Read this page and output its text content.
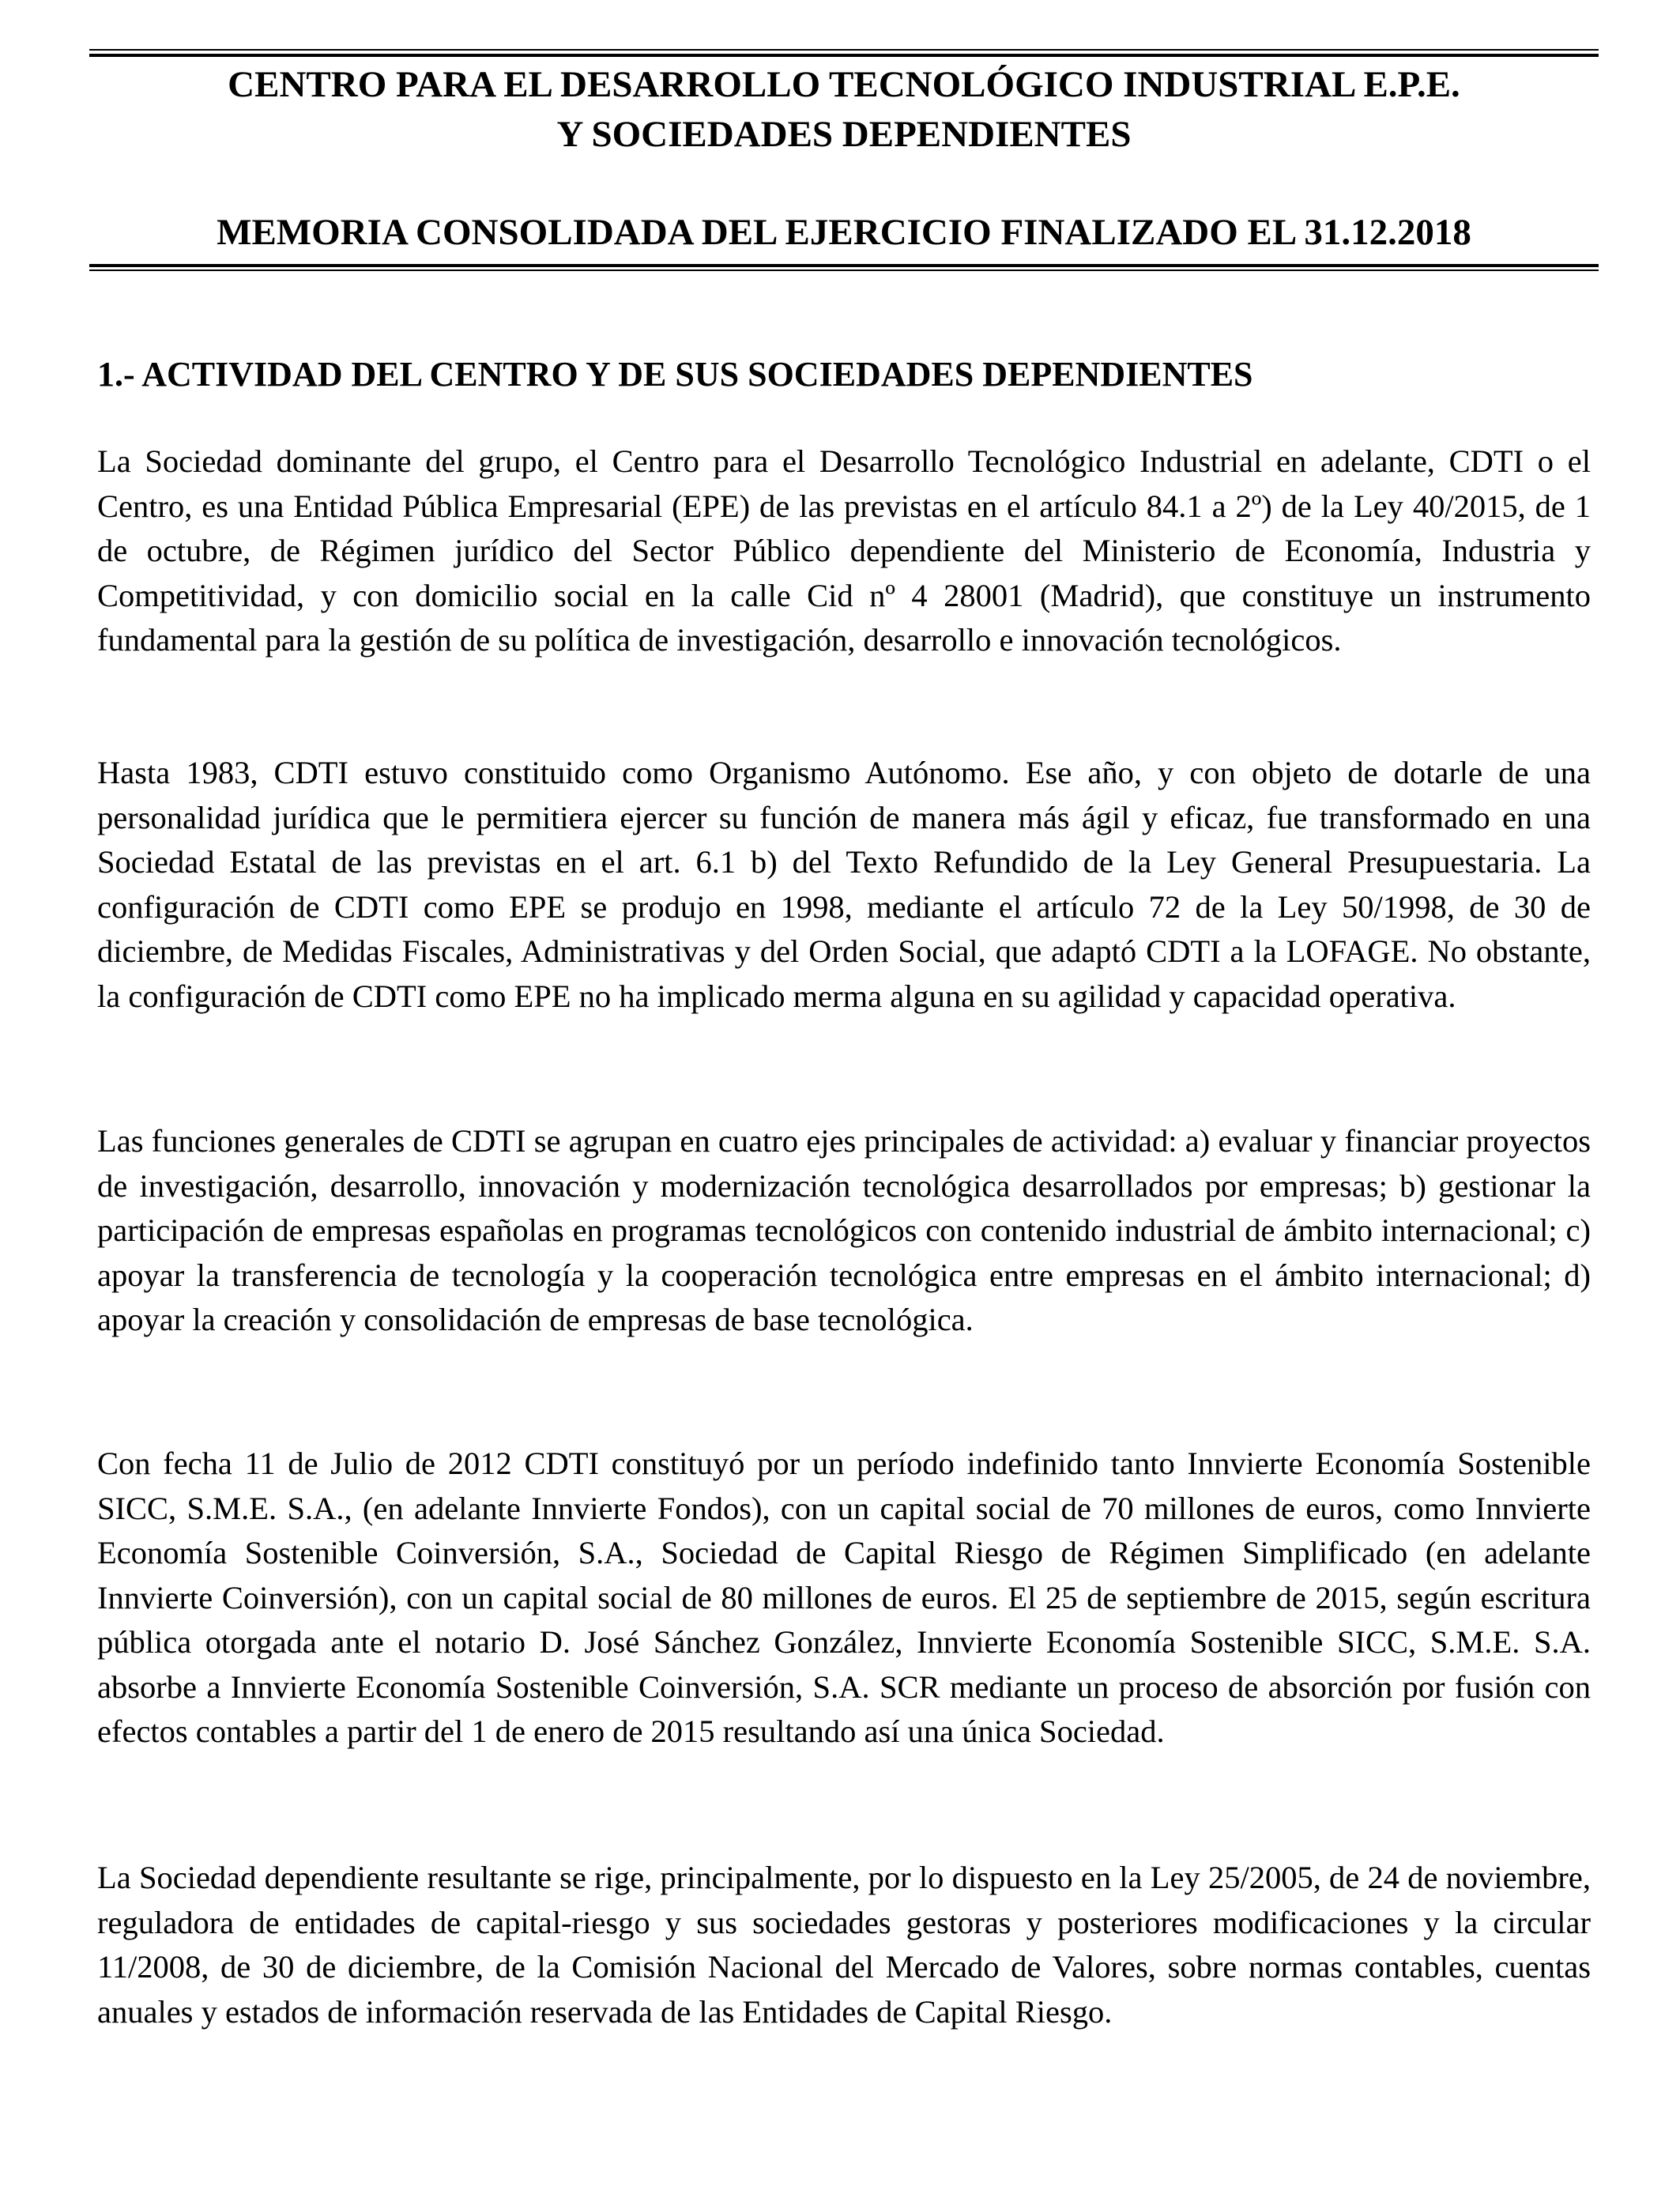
CENTRO PARA EL DESARROLLO TECNOLÓGICO INDUSTRIAL E.P.E.
Y SOCIEDADES DEPENDIENTES
MEMORIA CONSOLIDADA DEL EJERCICIO FINALIZADO EL 31.12.2018
1.- ACTIVIDAD DEL CENTRO Y DE SUS SOCIEDADES DEPENDIENTES

La Sociedad dominante del grupo, el Centro para el Desarrollo Tecnológico Industrial en adelante, CDTI o el Centro, es una Entidad Pública Empresarial (EPE) de las previstas en el artículo 84.1 a 2º) de la Ley 40/2015, de 1 de octubre, de Régimen jurídico del Sector Público dependiente del Ministerio de Economía, Industria y Competitividad, y con domicilio social en la calle Cid nº 4 28001 (Madrid), que constituye un instrumento fundamental para la gestión de su política de investigación, desarrollo e innovación tecnológicos.

Hasta 1983, CDTI estuvo constituido como Organismo Autónomo. Ese año, y con objeto de dotarle de una personalidad jurídica que le permitiera ejercer su función de manera más ágil y eficaz, fue transformado en una Sociedad Estatal de las previstas en el art. 6.1 b) del Texto Refundido de la Ley General Presupuestaria. La configuración de CDTI como EPE se produjo en 1998, mediante el artículo 72 de la Ley 50/1998, de 30 de diciembre, de Medidas Fiscales, Administrativas y del Orden Social, que adaptó CDTI a la LOFAGE. No obstante, la configuración de CDTI como EPE no ha implicado merma alguna en su agilidad y capacidad operativa.

Las funciones generales de CDTI se agrupan en cuatro ejes principales de actividad: a) evaluar y financiar proyectos de investigación, desarrollo, innovación y modernización tecnológica desarrollados por empresas; b) gestionar la participación de empresas españolas en programas tecnológicos con contenido industrial de ámbito internacional; c) apoyar la transferencia de tecnología y la cooperación tecnológica entre empresas en el ámbito internacional; d) apoyar la creación y consolidación de empresas de base tecnológica.

Con fecha 11 de Julio de 2012 CDTI constituyó por un período indefinido tanto Innvierte Economía Sostenible SICC, S.M.E. S.A., (en adelante Innvierte Fondos), con un capital social de 70 millones de euros, como Innvierte Economía Sostenible Coinversión, S.A., Sociedad de Capital Riesgo de Régimen Simplificado (en adelante Innvierte Coinversión), con un capital social de 80 millones de euros. El 25 de septiembre de 2015, según escritura pública otorgada ante el notario D. José Sánchez González, Innvierte Economía Sostenible SICC, S.M.E. S.A. absorbe a Innvierte Economía Sostenible Coinversión, S.A. SCR mediante un proceso de absorción por fusión con efectos contables a partir del 1 de enero de 2015 resultando así una única Sociedad.

La Sociedad dependiente resultante se rige, principalmente, por lo dispuesto en la Ley 25/2005, de 24 de noviembre, reguladora de entidades de capital-riesgo y sus sociedades gestoras y posteriores modificaciones y la circular 11/2008, de 30 de diciembre, de la Comisión Nacional del Mercado de Valores, sobre normas contables, cuentas anuales y estados de información reservada de las Entidades de Capital Riesgo.
